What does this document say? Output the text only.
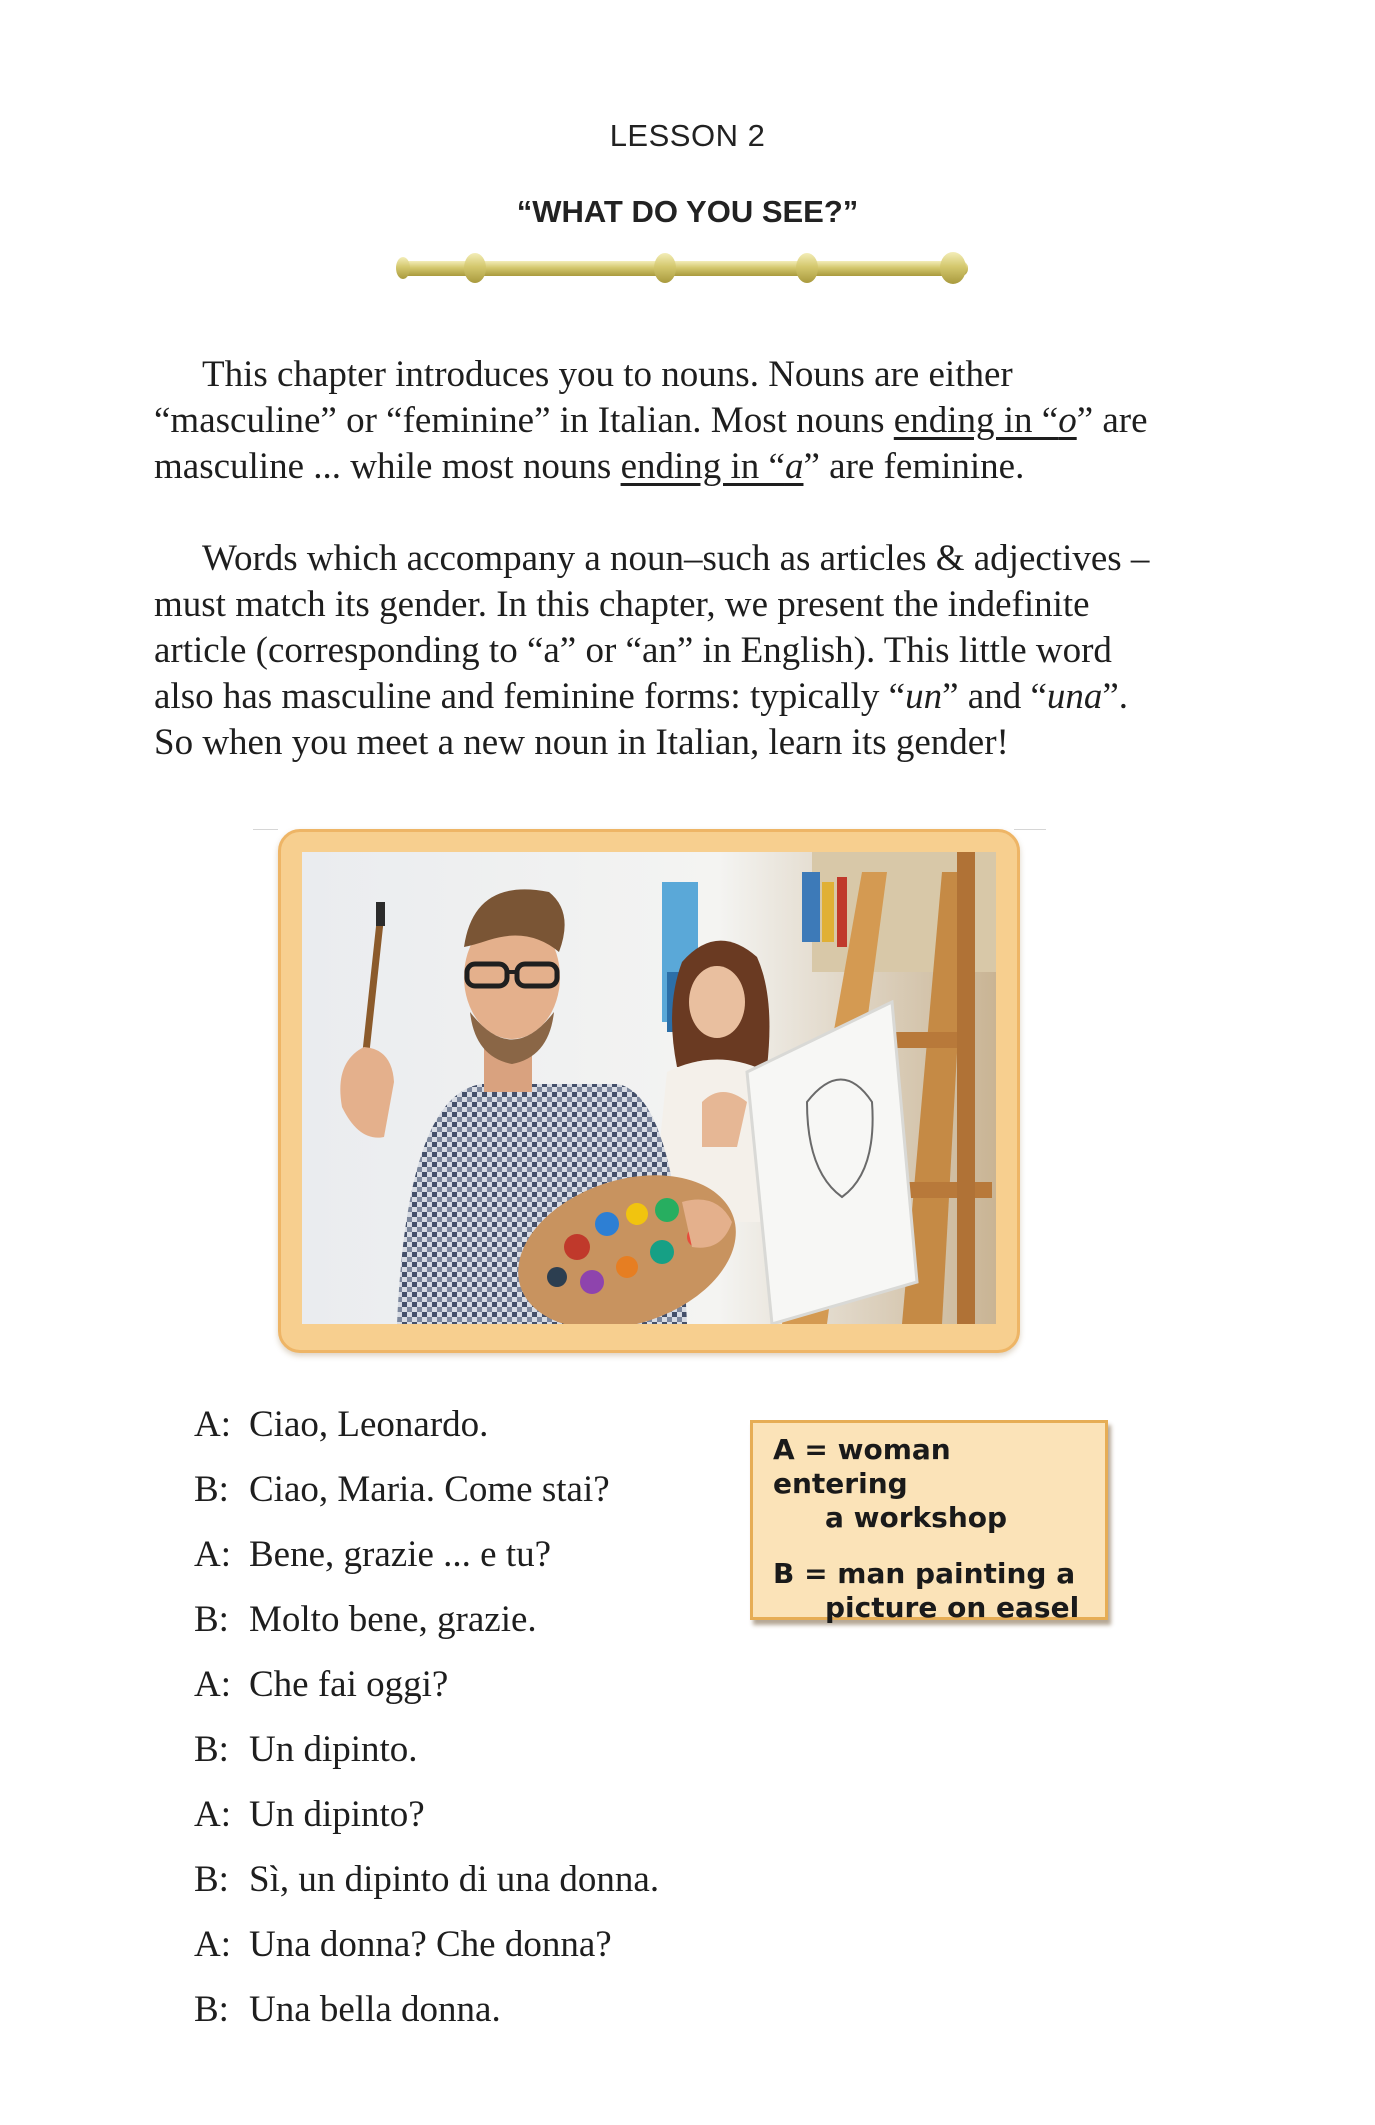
LESSON 2
“WHAT DO YOU SEE?”

This chapter introduces you to nouns. Nouns are either “masculine” or “feminine” in Italian. Most nouns ending in “o” are masculine ... while most nouns ending in “a” are feminine.

Words which accompany a noun–such as articles & adjectives – must match its gender. In this chapter, we present the indefinite article (corresponding to “a” or “an” in English). This little word also has masculine and feminine forms: typically “un” and “una”. So when you meet a new noun in Italian, learn its gender!

A: Ciao, Leonardo.
B: Ciao, Maria. Come stai?
A: Bene, grazie ... e tu?
B: Molto bene, grazie.
A: Che fai oggi?
B: Un dipinto.
A: Un dipinto?
B: Sì, un dipinto di una donna.
A: Una donna? Che donna?
B: Una bella donna.
A = woman entering
a workshop
B = man painting a
picture on easel
